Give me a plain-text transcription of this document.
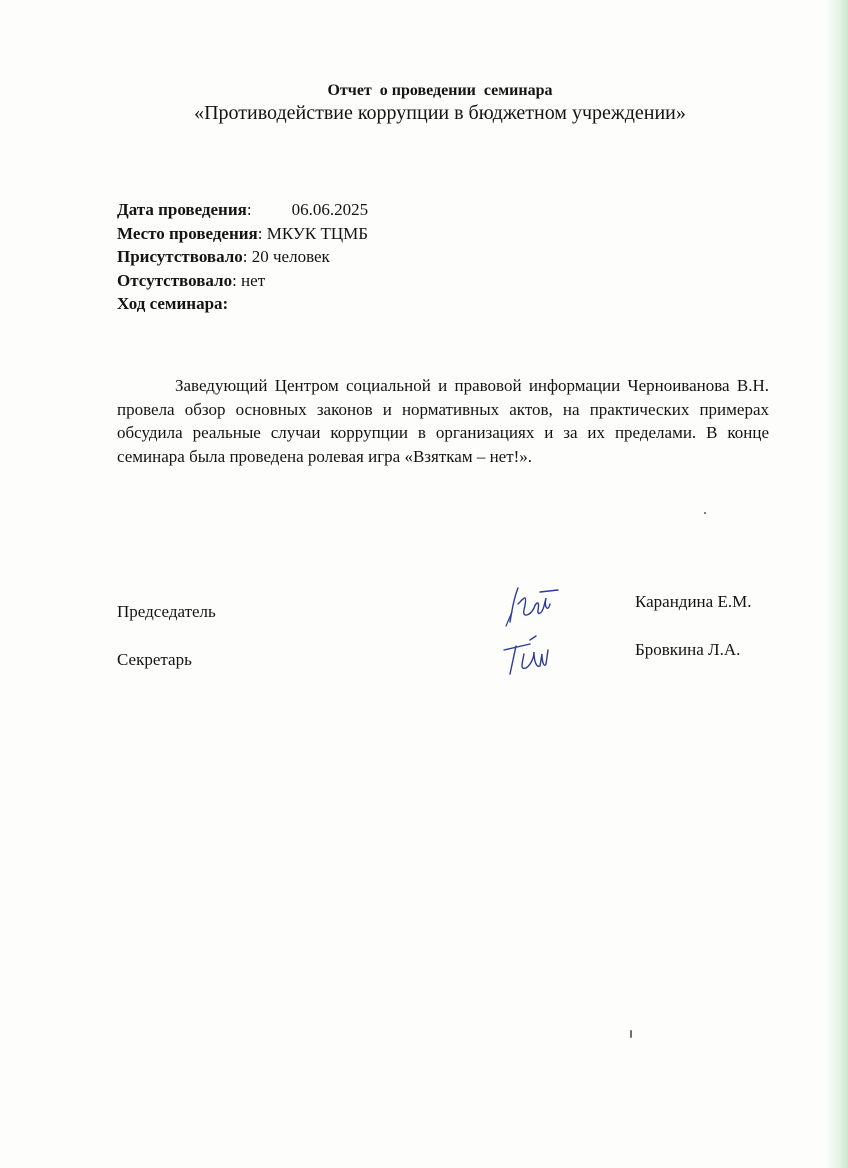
Отчет  о проведении  семинара
«Противодействие коррупции в бюджетном учреждении»
Дата проведения: 06.06.2025
Место проведения: МКУК ТЦМБ
Присутствовало: 20 человек
Отсутствовало: нет
Ход семинара:
Заведующий Центром социальной и правовой информации Черноиванова В.Н. провела обзор основных законов и нормативных актов, на практических примерах обсудила реальные случаи коррупции в организациях и за их пределами. В конце семинара была проведена ролевая игра «Взяткам – нет!».
Председатель
Карандина Е.М.
Секретарь
Бровкина Л.А.
